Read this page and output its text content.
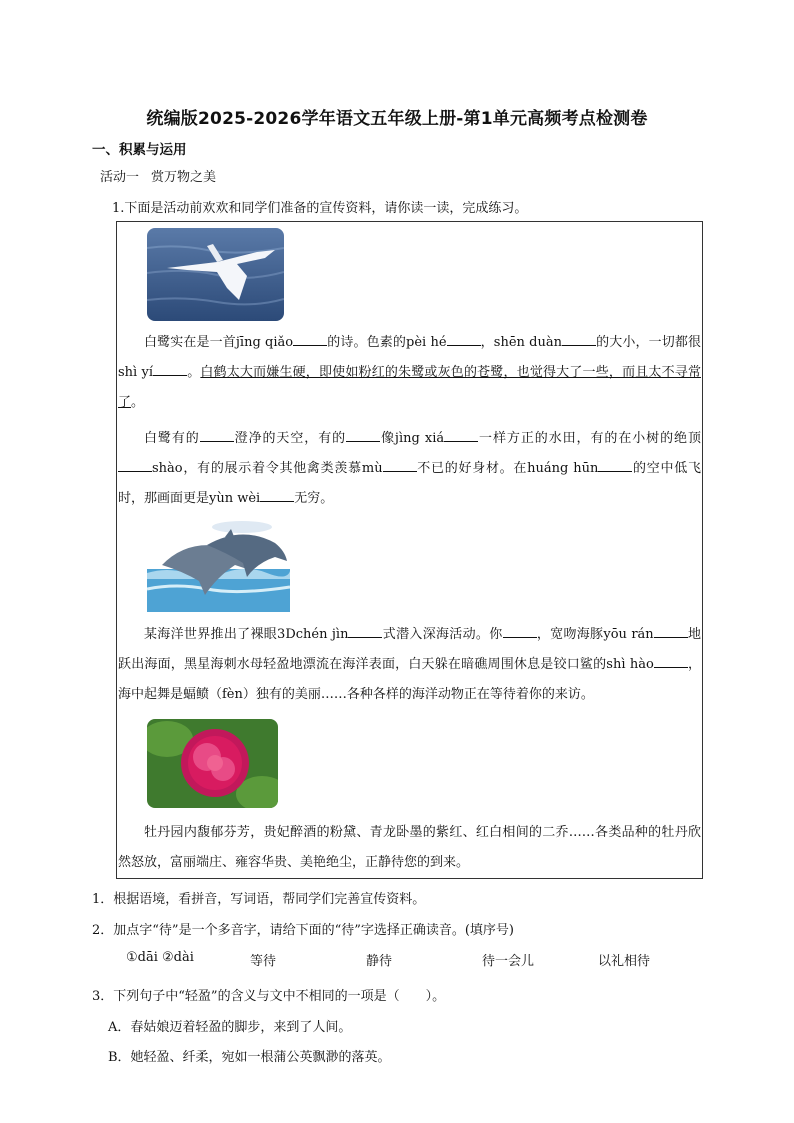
统编版2025-2026学年语文五年级上册-第1单元高频考点检测卷
一、积累与运用
活动一 赏万物之美
1.下面是活动前欢欢和同学们准备的宣传资料，请你读一读，完成练习。
白鹭实在是一首jīng qiǎo	的诗。色素的pèi hé	，shēn duàn	的大小，一切都很shì yí	。白鹤太大而嫌生硬，即使如粉红的朱鹭或灰色的苍鹭，也觉得大了一些，而且太不寻常了。
白鹭有的	澄净的天空，有的	像jìng xiá	一样方正的水田，有的在小树的绝顶shào，有的展示着令其他禽类羡慕mù	不已的好身材。在huáng hūn	的空中低飞时，那画面更是yùn wèi	无穷。
某海洋世界推出了裸眼3Dchén jìn	式潜入深海活动。你	，宽吻海豚yōu rán	地跃出海面，黑星海刺水母轻盈地漂流在海洋表面，白天躲在暗礁周围休息是铰口鲨的shì hào	，海中起舞是蝠鲼（fèn）独有的美丽……各种各样的海洋动物正在等待着你的来访。
牡丹园内馥郁芬芳，贵妃醉酒的粉黛、青龙卧墨的紫红、红白相间的二乔……各类品种的牡丹欣然怒放，富丽端庄、雍容华贵、美艳绝尘，正静待您的到来。
1．根据语境，看拼音，写词语，帮同学们完善宣传资料。
2．加点字“待”是一个多音字，请给下面的“待”字选择正确读音。(填序号)
①dāi ②dài	等待	静待	待一会儿	以礼相待
3．下列句子中“轻盈”的含义与文中不相同的一项是（　　）。
A．春姑娘迈着轻盈的脚步，来到了人间。
B．她轻盈、纤柔，宛如一根蒲公英飘渺的落英。
